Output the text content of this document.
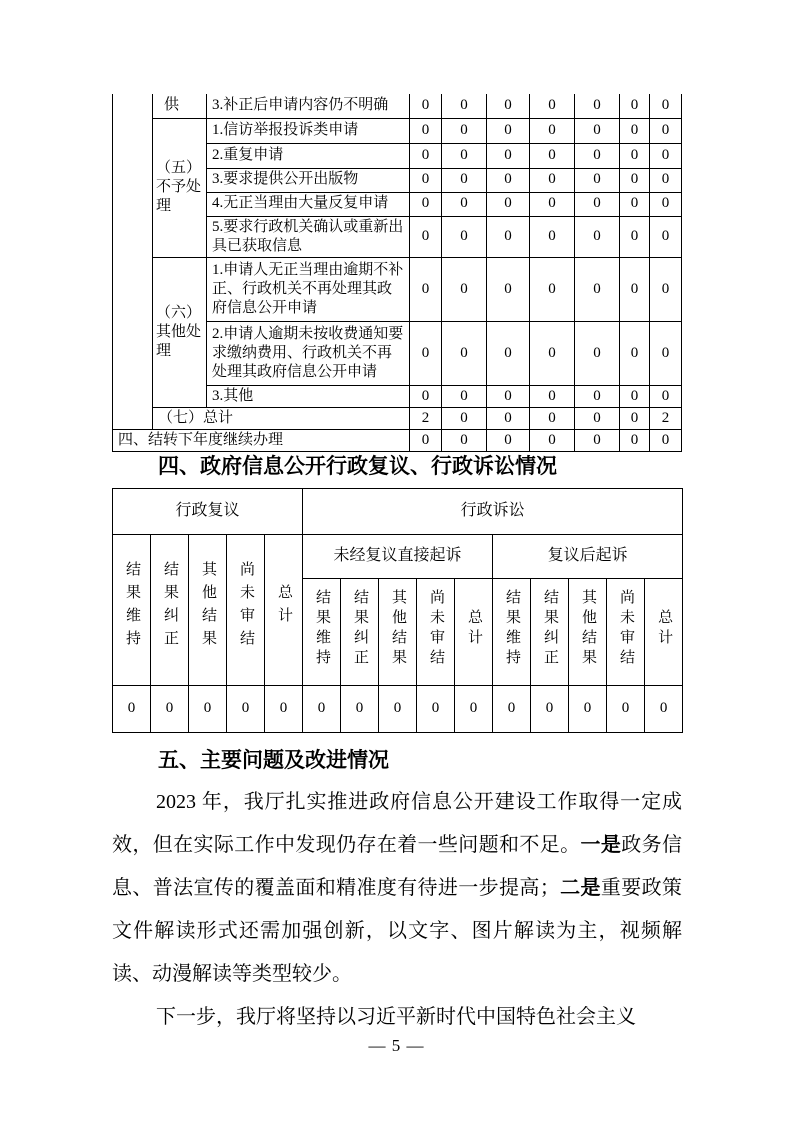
	供	3.补正后申请内容仍不明确	0	0	0	0	0	0	0
	（五）不予处理	1.信访举报投诉类申请	0	0	0	0	0	0	0
		2.重复申请	0	0	0	0	0	0	0
		3.要求提供公开出版物	0	0	0	0	0	0	0
		4.无正当理由大量反复申请	0	0	0	0	0	0	0
		5.要求行政机关确认或重新出具已获取信息	0	0	0	0	0	0	0
	（六）其他处理	1.申请人无正当理由逾期不补正、行政机关不再处理其政府信息公开申请	0	0	0	0	0	0	0
		2.申请人逾期未按收费通知要求缴纳费用、行政机关不再处理其政府信息公开申请	0	0	0	0	0	0	0
		3.其他	0	0	0	0	0	0	0
	（七）总计		2	0	0	0	0	0	2
四、结转下年度继续办理			0	0	0	0	0	0	0
四、政府信息公开行政复议、行政诉讼情况
行政复议					行政诉讼									
结果维持	结果纠正	其他结果	尚未审结	总计	未经复议直接起诉					复议后起诉				
					结果维持	结果纠正	其他结果	尚未审结	总计	结果维持	结果纠正	其他结果	尚未审结	总计
0	0	0	0	0	0	0	0	0	0	0	0	0	0	0
五、主要问题及改进情况

2023 年，我厅扎实推进政府信息公开建设工作取得一定成效，但在实际工作中发现仍存在着一些问题和不足。一是政务信息、普法宣传的覆盖面和精准度有待进一步提高；二是重要政策文件解读形式还需加强创新，以文字、图片解读为主，视频解读、动漫解读等类型较少。

下一步，我厅将坚持以习近平新时代中国特色社会主义

— 5 —
